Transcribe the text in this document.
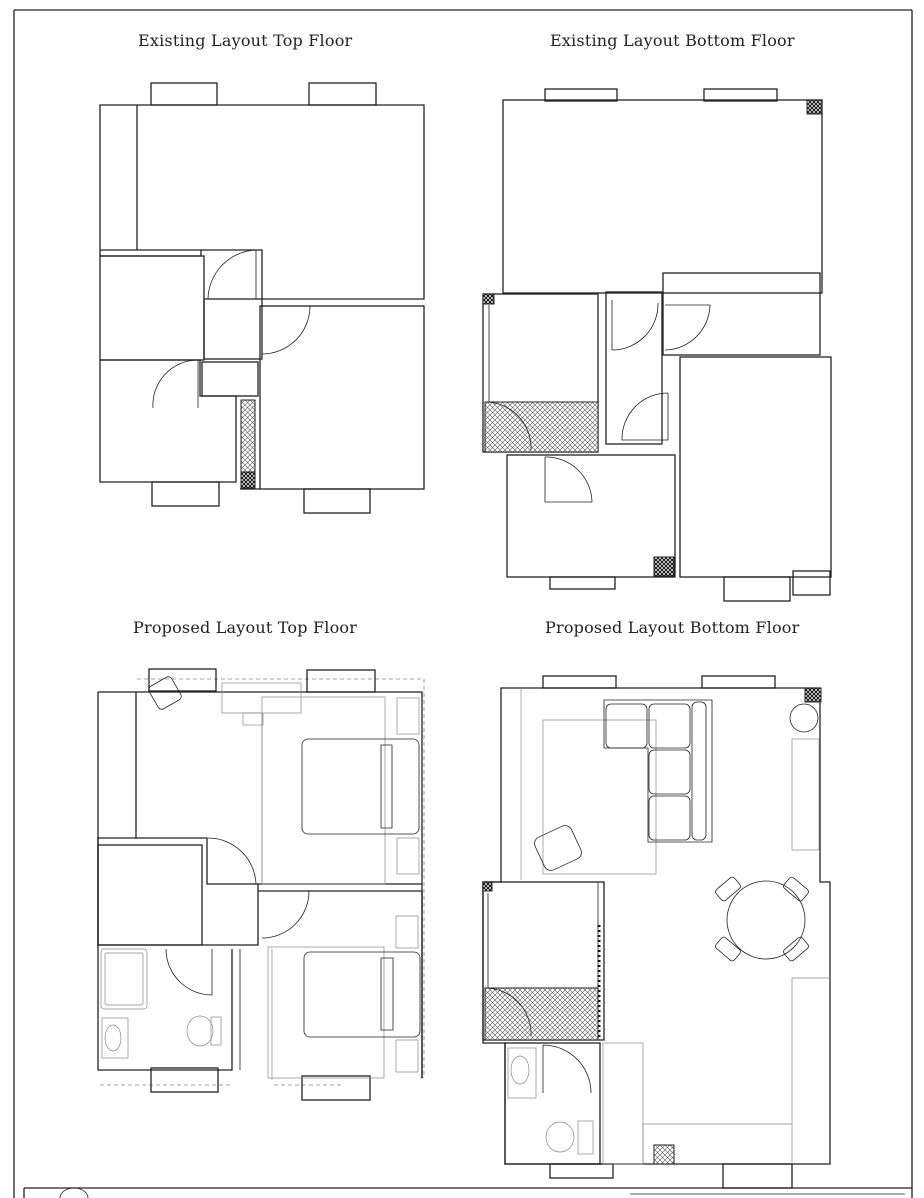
Existing Layout Top Floor	Existing Layout Bottom Floor
Proposed Layout Top Floor	Proposed Layout Bottom Floor
